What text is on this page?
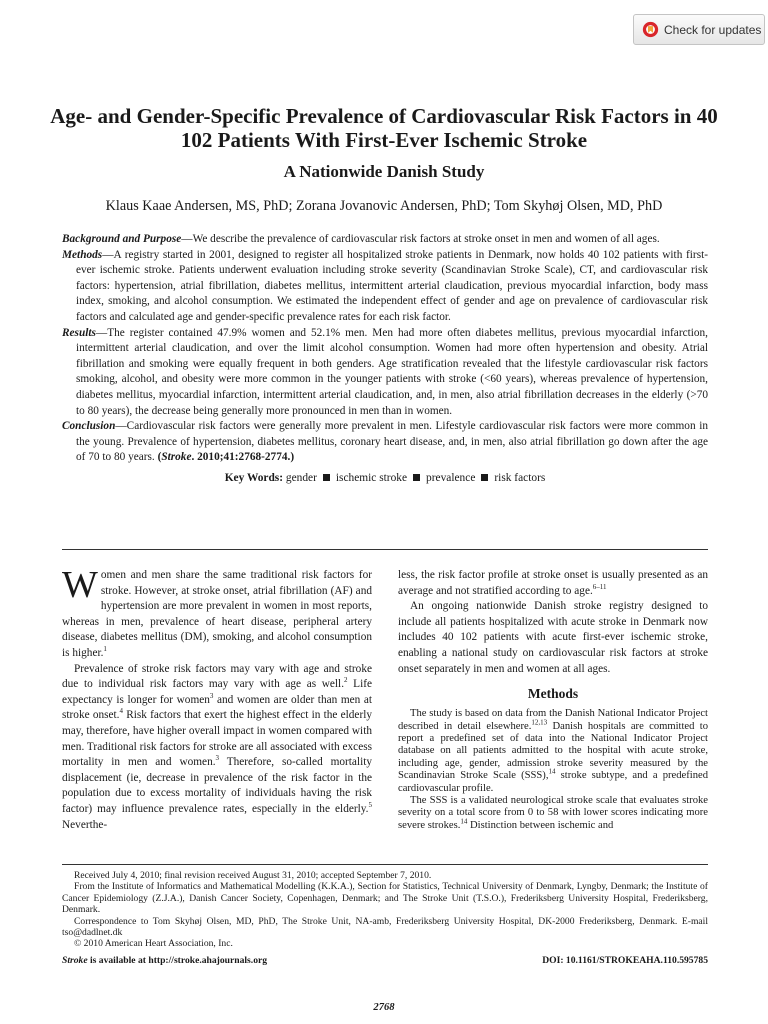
Check for updates
Age- and Gender-Specific Prevalence of Cardiovascular Risk Factors in 40 102 Patients With First-Ever Ischemic Stroke
A Nationwide Danish Study

Klaus Kaae Andersen, MS, PhD; Zorana Jovanovic Andersen, PhD; Tom Skyhøj Olsen, MD, PhD

Background and Purpose—We describe the prevalence of cardiovascular risk factors at stroke onset in men and women of all ages.

Methods—A registry started in 2001, designed to register all hospitalized stroke patients in Denmark, now holds 40 102 patients with first-ever ischemic stroke. Patients underwent evaluation including stroke severity (Scandinavian Stroke Scale), CT, and cardiovascular risk factors: hypertension, atrial fibrillation, diabetes mellitus, intermittent arterial claudication, previous myocardial infarction, body mass index, smoking, and alcohol consumption. We estimated the independent effect of gender and age on prevalence of cardiovascular risk factors and calculated age and gender-specific prevalence rates for each risk factor.

Results—The register contained 47.9% women and 52.1% men. Men had more often diabetes mellitus, previous myocardial infarction, intermittent arterial claudication, and over the limit alcohol consumption. Women had more often hypertension and obesity. Atrial fibrillation and smoking were equally frequent in both genders. Age stratification revealed that the lifestyle cardiovascular risk factors smoking, alcohol, and obesity were more common in the younger patients with stroke (<60 years), whereas prevalence of hypertension, diabetes mellitus, myocardial infarction, intermittent arterial claudication, and, in men, also atrial fibrillation decreases in the elderly (>70 to 80 years), the decrease being generally more pronounced in men than in women.

Conclusion—Cardiovascular risk factors were generally more prevalent in men. Lifestyle cardiovascular risk factors were more common in the young. Prevalence of hypertension, diabetes mellitus, coronary heart disease, and, in men, also atrial fibrillation go down after the age of 70 to 80 years. (Stroke. 2010;41:2768-2774.)

Key Words: gender ischemic stroke prevalence risk factors

Women and men share the same traditional risk factors for stroke. However, at stroke onset, atrial fibrillation (AF) and hypertension are more prevalent in women in most reports, whereas in men, prevalence of heart disease, peripheral artery disease, diabetes mellitus (DM), smoking, and alcohol consumption is higher.$^1$

Prevalence of stroke risk factors may vary with age and stroke due to individual risk factors may vary with age as well.$^2$ Life expectancy is longer for women$^3$ and women are older than men at stroke onset.$^4$ Risk factors that exert the highest effect in the elderly may, therefore, have higher overall impact in women compared with men. Traditional risk factors for stroke are all associated with excess mortality in men and women.$^3$ Therefore, so-called mortality displacement (ie, decrease in prevalence of the risk factor in the population due to excess mortality of individuals having the risk factor) may influence prevalence rates, especially in the elderly.$^5$ Neverthe-

less, the risk factor profile at stroke onset is usually presented as an average and not stratified according to age.$^{6-11}$

An ongoing nationwide Danish stroke registry designed to include all patients hospitalized with acute stroke in Denmark now includes 40 102 patients with acute first-ever ischemic stroke, enabling a national study on cardiovascular risk factors at stroke onset separately in men and women at all ages.

Methods

The study is based on data from the Danish National Indicator Project described in detail elsewhere.$^{12,13}$ Danish hospitals are committed to report a predefined set of data into the National Indicator Project database on all patients admitted to the hospital with acute stroke, including age, gender, admission stroke severity measured by the Scandinavian Stroke Scale (SSS),$^{14}$ stroke subtype, and a predefined cardiovascular profile.

The SSS is a validated neurological stroke scale that evaluates stroke severity on a total score from 0 to 58 with lower scores indicating more severe strokes.$^{14}$ Distinction between ischemic and

Received July 4, 2010; final revision received August 31, 2010; accepted September 7, 2010.

From the Institute of Informatics and Mathematical Modelling (K.K.A.), Section for Statistics, Technical University of Denmark, Lyngby, Denmark; the Institute of Cancer Epidemiology (Z.J.A.), Danish Cancer Society, Copenhagen, Denmark; and The Stroke Unit (T.S.O.), Frederiksberg University Hospital, Frederiksberg, Denmark.

Correspondence to Tom Skyhøj Olsen, MD, PhD, The Stroke Unit, NA-amb, Frederiksberg University Hospital, DK-2000 Frederiksberg, Denmark. E-mail tso@dadlnet.dk

© 2010 American Heart Association, Inc.

Stroke is available at http://stroke.ahajournals.org	DOI: 10.1161/STROKEAHA.110.595785
2768
